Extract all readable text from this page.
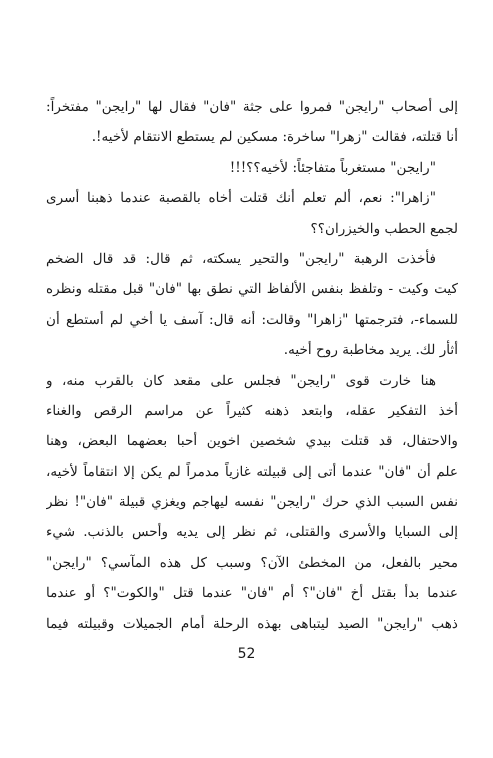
إلى أصحاب "رايجن" فمروا على جثة "فان" فقال لها "رايجن" مفتخراً:
أنا قتلته، فقالت "زهرا" ساخرة: مسكين لم يستطع الانتقام لأخيه!.
"رايجن" مستغرباً متفاجئاً: لأخيه؟؟!!!
"زاهرا": نعم، ألم تعلم أنك قتلت أخاه بالقصبة عندما ذهبنا أسرى
لجمع الحطب والخيزران؟؟
فأخذت الرهبة "رايجن" والتحير يسكته، ثم قال: قد قال الضخم
كيت وكيت - وتلفظ بنفس الألفاظ التي نطق بها "فان" قبل مقتله ونظره
للسماء-، فترجمتها "زاهرا" وقالت: أنه قال: آسف يا أخي لم أستطع أن
أثأر لك. يريد مخاطبة روح أخيه.
هنا خارت قوى "رايجن" فجلس على مقعد كان بالقرب منه، و
أخذ التفكير عقله، وابتعد ذهنه كثيراً عن مراسم الرقص والغناء
والاحتفال، قد قتلت بيدي شخصين اخوين أحبا بعضهما البعض، وهنا
علم أن "فان" عندما أتى إلى قبيلته غازياً مدمراً لم يكن إلا انتقاماً لأخيه،
نفس السبب الذي حرك "رايجن" نفسه ليهاجم ويغزي قبيلة "فان"! نظر
إلى السبايا والأسرى والقتلى، ثم نظر إلى يديه وأحس بالذنب. شيء
محير بالفعل، من المخطئ الآن؟ وسبب كل هذه المآسي؟ "رايجن"
عندما بدأ بقتل أخ "فان"؟ أم "فان" عندما قتل "والكوت"؟ أو عندما
ذهب "رايجن" الصيد ليتباهى بهذه الرحلة أمام الجميلات وقبيلته فيما
52
